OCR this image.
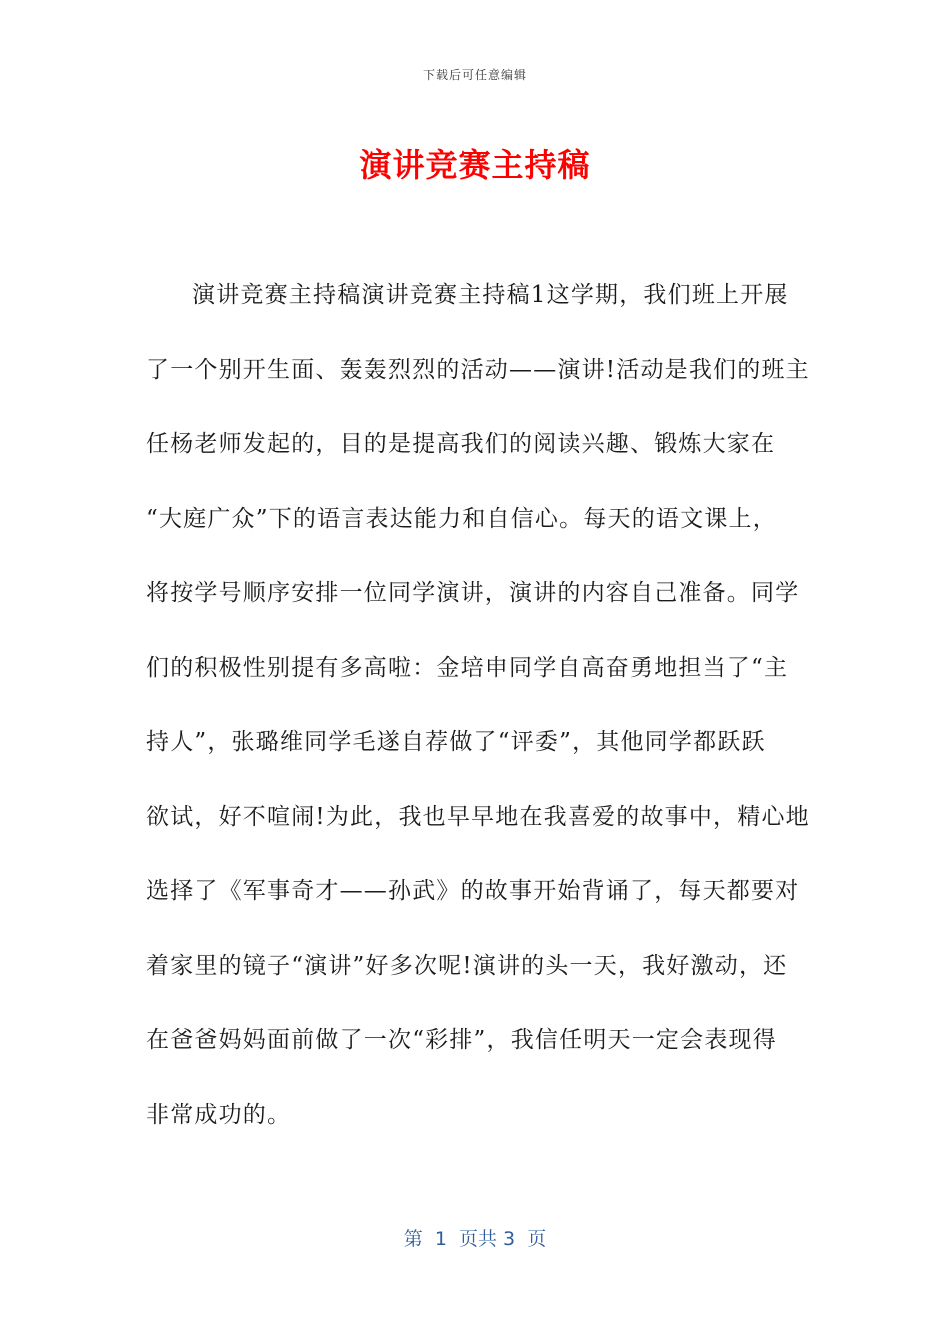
下载后可任意编辑
演讲竞赛主持稿
演讲竞赛主持稿演讲竞赛主持稿1这学期，我们班上开展
了一个别开生面、轰轰烈烈的活动——演讲!活动是我们的班主
任杨老师发起的，目的是提高我们的阅读兴趣、锻炼大家在
“大庭广众”下的语言表达能力和自信心。每天的语文课上，
将按学号顺序安排一位同学演讲，演讲的内容自己准备。同学
们的积极性别提有多高啦：金培申同学自高奋勇地担当了“主
持人”，张璐维同学毛遂自荐做了“评委”，其他同学都跃跃
欲试，好不喧闹!为此，我也早早地在我喜爱的故事中，精心地
选择了《军事奇才——孙武》的故事开始背诵了，每天都要对
着家里的镜子“演讲”好多次呢!演讲的头一天，我好激动，还
在爸爸妈妈面前做了一次“彩排”，我信任明天一定会表现得
非常成功的。
第  1  页共 3  页
